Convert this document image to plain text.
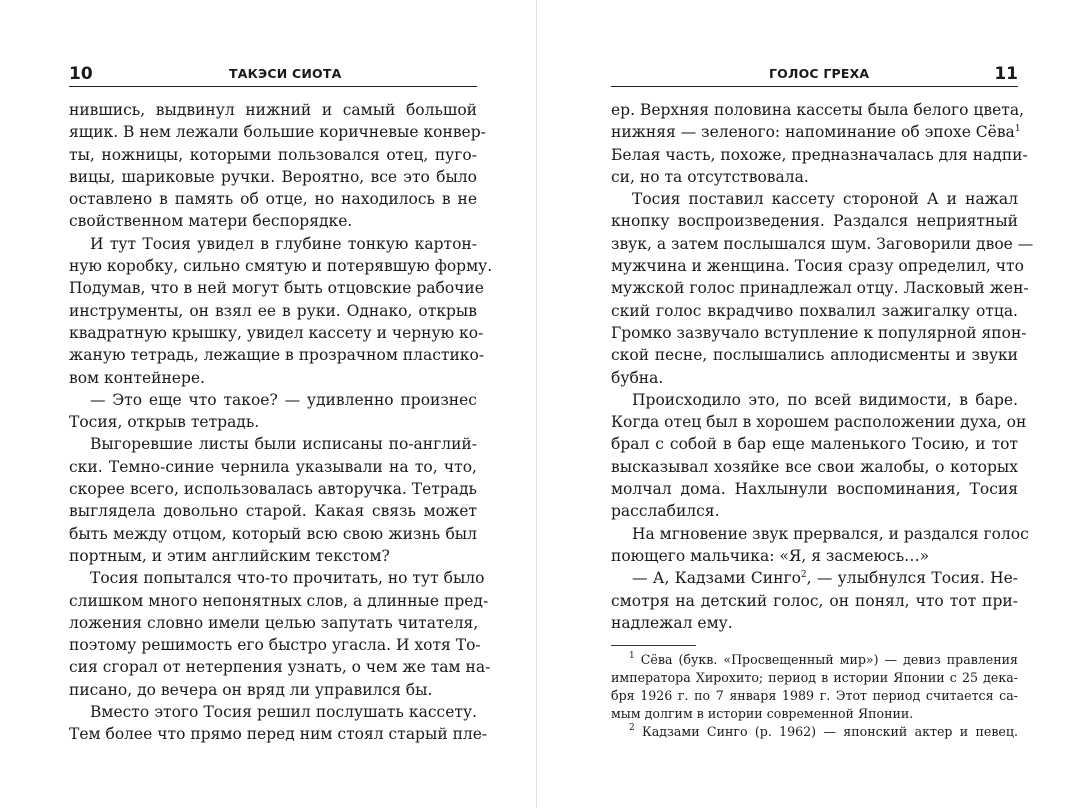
10	ТАКЭСИ СИОТА
нившись, выдвинул нижний и самый большой
ящик. В нем лежали большие коричневые конвер-
ты, ножницы, которыми пользовался отец, пуго-
вицы, шариковые ручки. Вероятно, все это было
оставлено в память об отце, но находилось в не
свойственном матери беспорядке.
И тут Тосия увидел в глубине тонкую картон-
ную коробку, сильно смятую и потерявшую форму.
Подумав, что в ней могут быть отцовские рабочие
инструменты, он взял ее в руки. Однако, открыв
квадратную крышку, увидел кассету и черную ко-
жаную тетрадь, лежащие в прозрачном пластико-
вом контейнере.
— Это еще что такое? — удивленно произнес
Тосия, открыв тетрадь.
Выгоревшие листы были исписаны по-англий-
ски. Темно-синие чернила указывали на то, что,
скорее всего, использовалась авторучка. Тетрадь
выглядела довольно старой. Какая связь может
быть между отцом, который всю свою жизнь был
портным, и этим английским текстом?
Тосия попытался что-то прочитать, но тут было
слишком много непонятных слов, а длинные пред-
ложения словно имели целью запутать читателя,
поэтому решимость его быстро угасла. И хотя То-
сия сгорал от нетерпения узнать, о чем же там на-
писано, до вечера он вряд ли управился бы.
Вместо этого Тосия решил послушать кассету.
Тем более что прямо перед ним стоял старый пле-
ГОЛОС ГРЕХА	11
ер. Верхняя половина кассеты была белого цвета,
нижняя — зеленого: напоминание об эпохе Сёва$^1$
Белая часть, похоже, предназначалась для надпи-
си, но та отсутствовала.
Тосия поставил кассету стороной А и нажал
кнопку воспроизведения. Раздался неприятный
звук, а затем послышался шум. Заговорили двое —
мужчина и женщина. Тосия сразу определил, что
мужской голос принадлежал отцу. Ласковый жен-
ский голос вкрадчиво похвалил зажигалку отца.
Громко зазвучало вступление к популярной япон-
ской песне, послышались аплодисменты и звуки
бубна.
Происходило это, по всей видимости, в баре.
Когда отец был в хорошем расположении духа, он
брал с собой в бар еще маленького Тосию, и тот
высказывал хозяйке все свои жалобы, о которых
молчал дома. Нахлынули воспоминания, Тосия
расслабился.
На мгновение звук прервался, и раздался голос
поющего мальчика: «Я, я засмеюсь…»
— А, Кадзами Синго$^2$, — улыбнулся Тосия. Не-
смотря на детский голос, он понял, что тот при-
надлежал ему.
$^1$ Сёва (букв. «Просвещенный мир») — девиз правления
императора Хирохито; период в истории Японии с 25 дека-
бря 1926 г. по 7 января 1989 г. Этот период считается са-
мым долгим в истории современной Японии.
$^2$ Кадзами Синго (р. 1962) — японский актер и певец.
